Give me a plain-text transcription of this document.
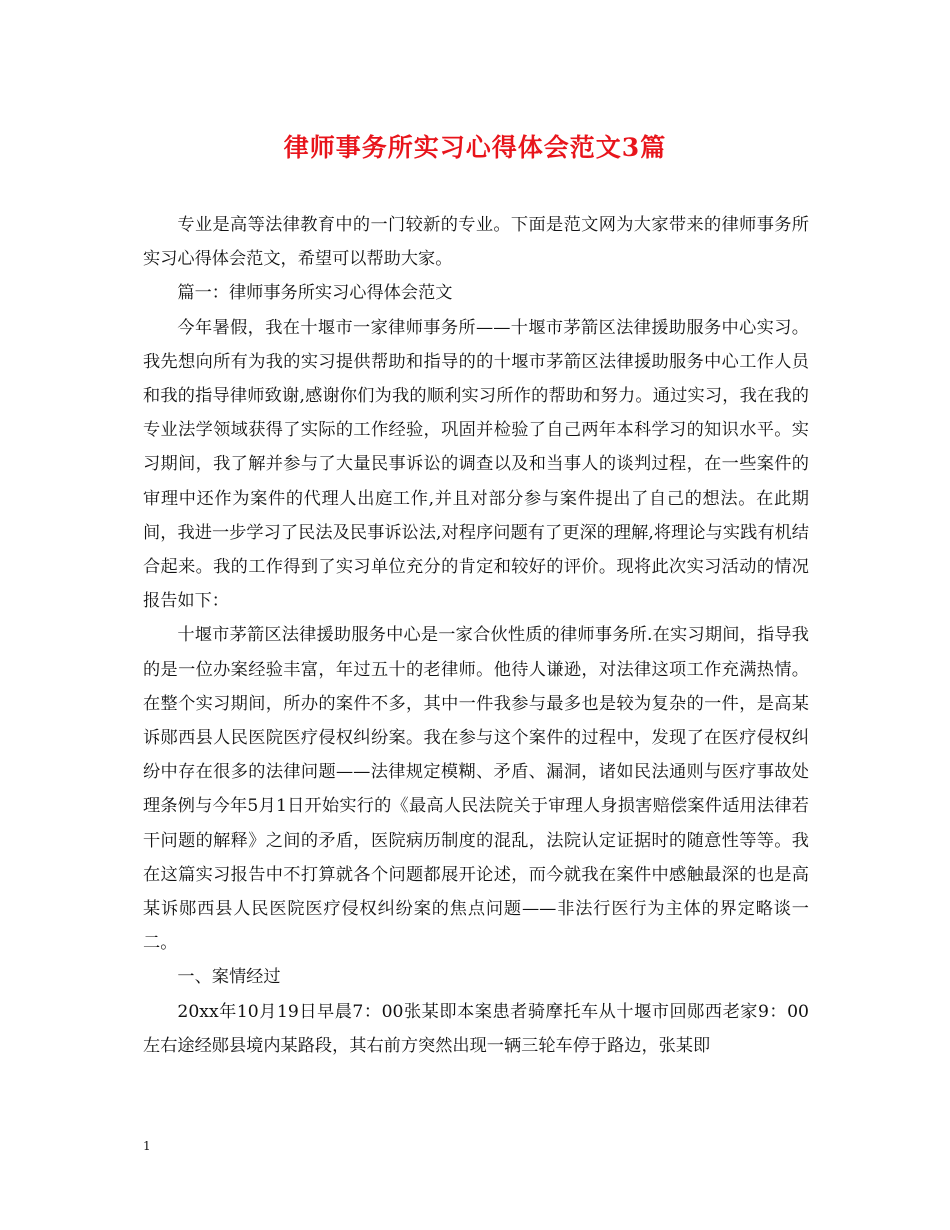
律师事务所实习心得体会范文3篇

专业是高等法律教育中的一门较新的专业。下面是范文网为大家带来的律师事务所实习心得体会范文，希望可以帮助大家。

篇一：律师事务所实习心得体会范文

今年暑假，我在十堰市一家律师事务所——十堰市茅箭区法律援助服务中心实习。我先想向所有为我的实习提供帮助和指导的的十堰市茅箭区法律援助服务中心工作人员和我的指导律师致谢,感谢你们为我的顺利实习所作的帮助和努力。通过实习，我在我的专业法学领域获得了实际的工作经验，巩固并检验了自己两年本科学习的知识水平。实习期间，我了解并参与了大量民事诉讼的调查以及和当事人的谈判过程，在一些案件的审理中还作为案件的代理人出庭工作,并且对部分参与案件提出了自己的想法。在此期间，我进一步学习了民法及民事诉讼法,对程序问题有了更深的理解,将理论与实践有机结合起来。我的工作得到了实习单位充分的肯定和较好的评价。现将此次实习活动的情况报告如下：

十堰市茅箭区法律援助服务中心是一家合伙性质的律师事务所.在实习期间，指导我的是一位办案经验丰富，年过五十的老律师。他待人谦逊，对法律这项工作充满热情。在整个实习期间，所办的案件不多，其中一件我参与最多也是较为复杂的一件，是高某诉郧西县人民医院医疗侵权纠纷案。我在参与这个案件的过程中，发现了在医疗侵权纠纷中存在很多的法律问题——法律规定模糊、矛盾、漏洞，诸如民法通则与医疗事故处理条例与今年5月1日开始实行的《最高人民法院关于审理人身损害赔偿案件适用法律若干问题的解释》之间的矛盾，医院病历制度的混乱，法院认定证据时的随意性等等。我在这篇实习报告中不打算就各个问题都展开论述，而今就我在案件中感触最深的也是高某诉郧西县人民医院医疗侵权纠纷案的焦点问题——非法行医行为主体的界定略谈一二。

一、案情经过

20xx年10月19日早晨7：00张某即本案患者骑摩托车从十堰市回郧西老家9：00左右途经郧县境内某路段，其右前方突然出现一辆三轮车停于路边，张某即

1
